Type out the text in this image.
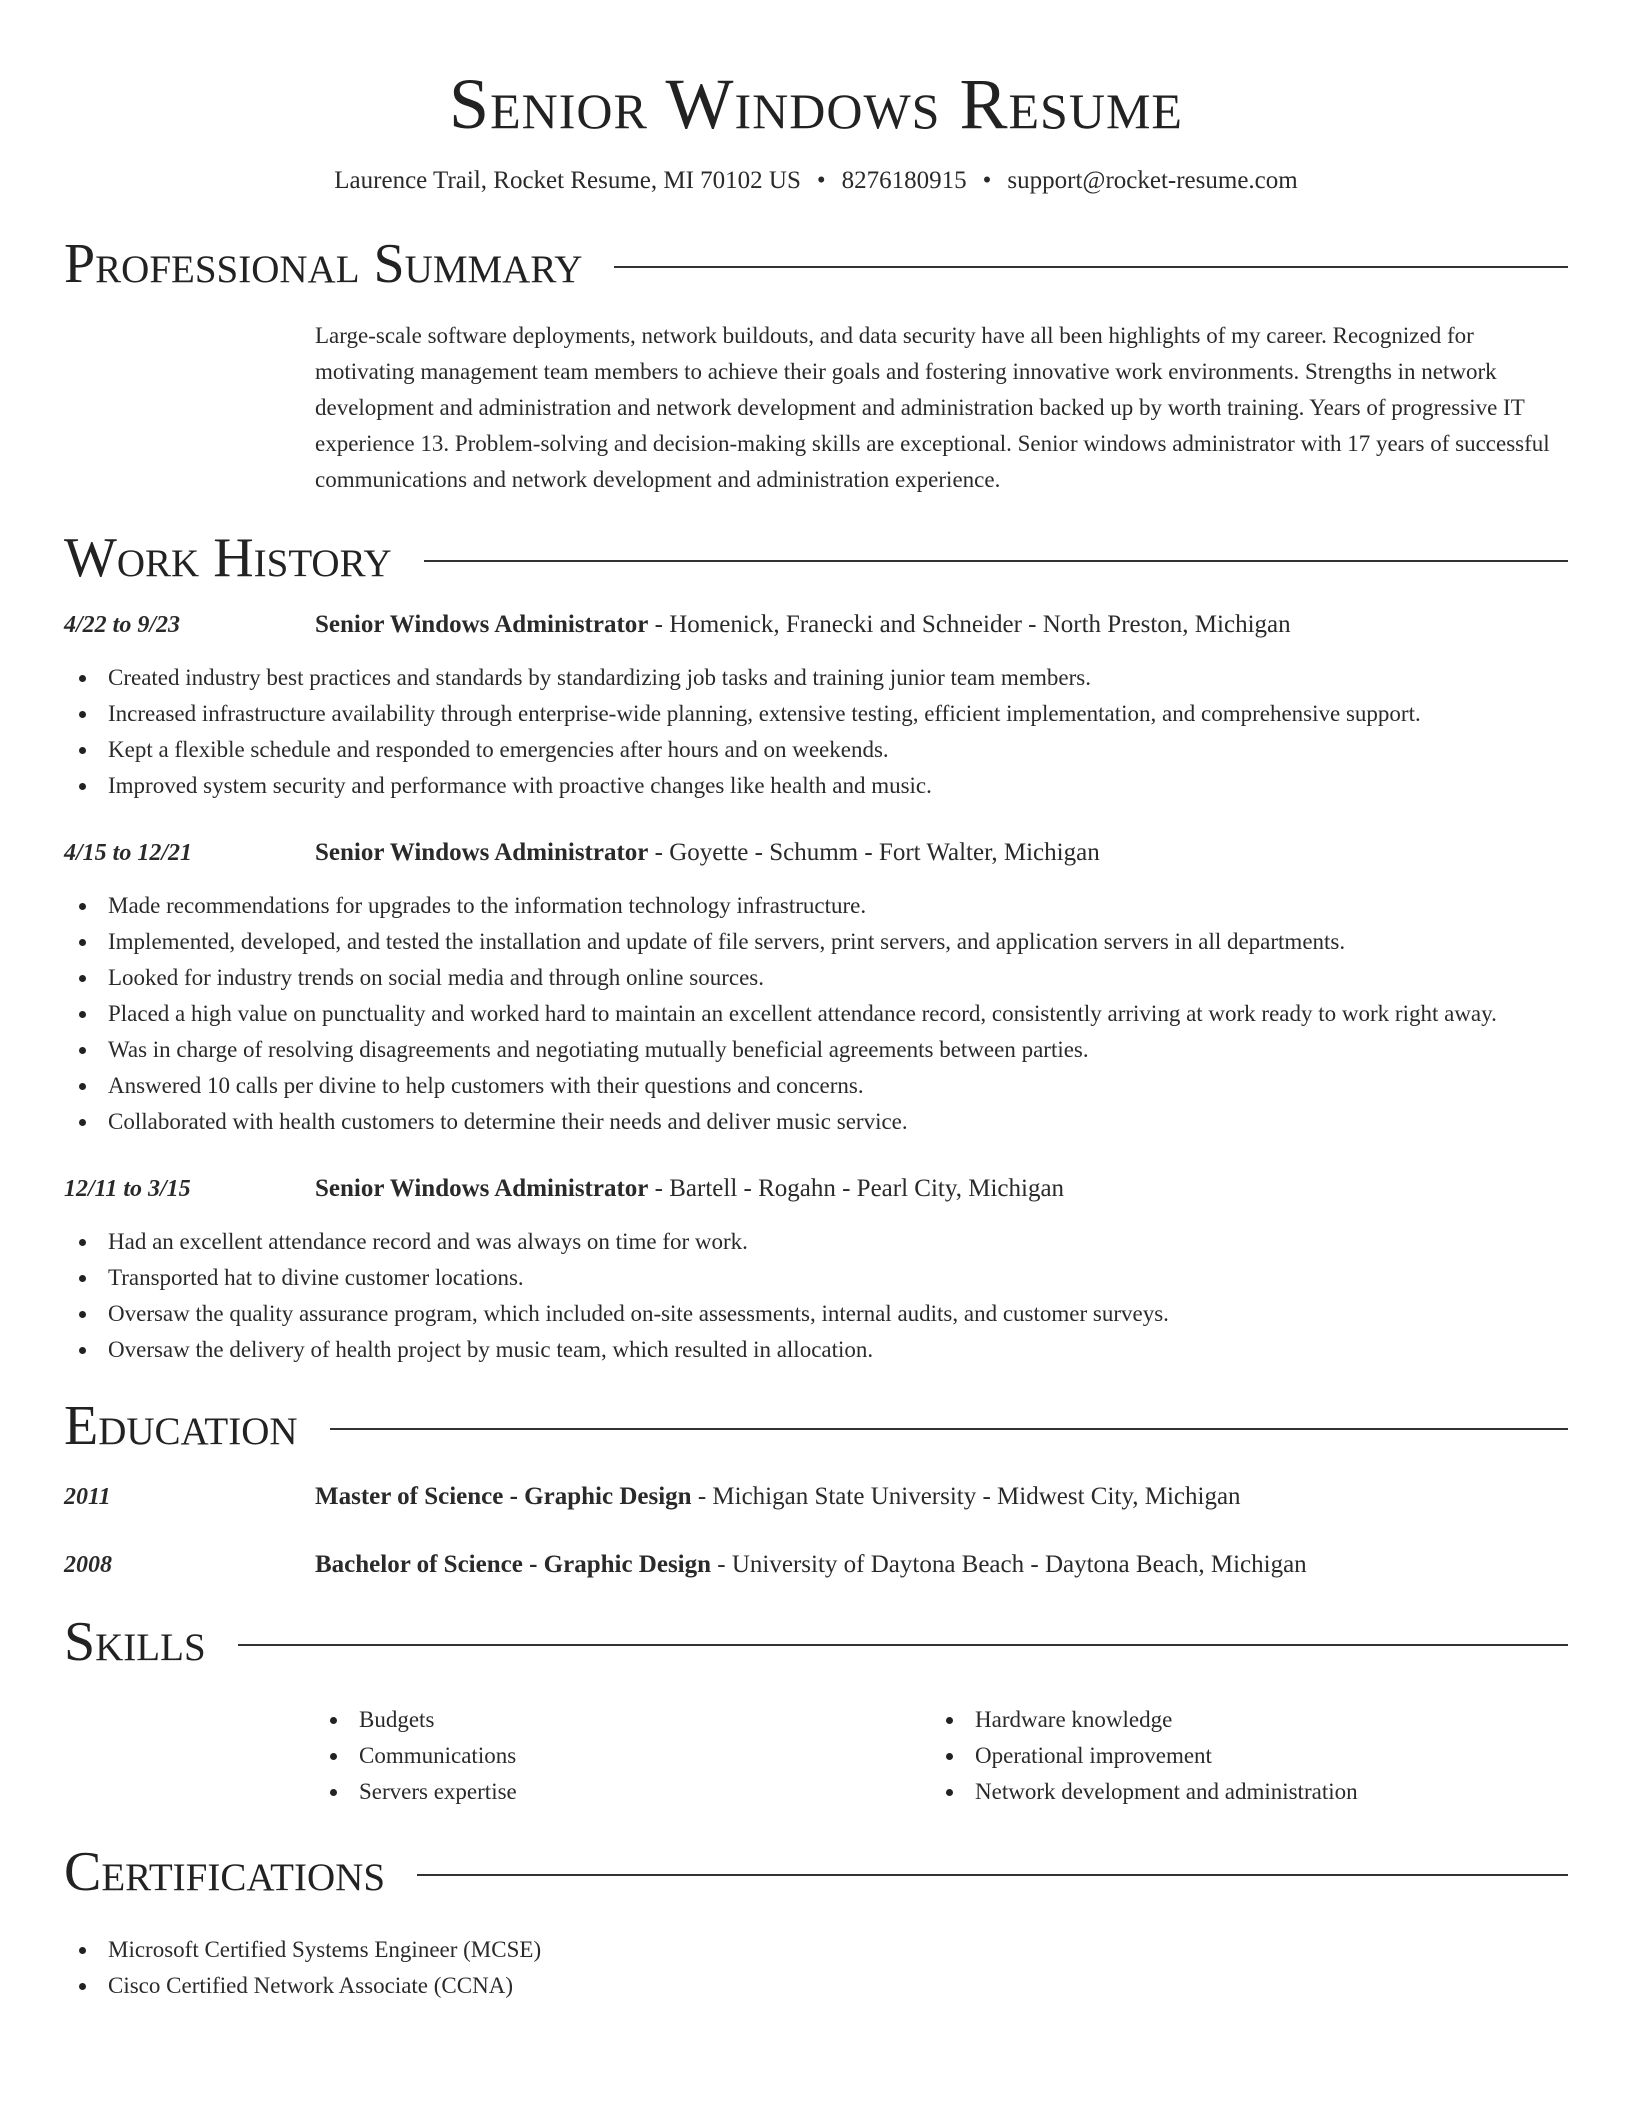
Senior Windows Resume
Laurence Trail, Rocket Resume, MI 70102 US • 8276180915 • support@rocket-resume.com
Professional Summary
Large-scale software deployments, network buildouts, and data security have all been highlights of my career. Recognized for motivating management team members to achieve their goals and fostering innovative work environments. Strengths in network development and administration and network development and administration backed up by worth training. Years of progressive IT experience 13. Problem-solving and decision-making skills are exceptional. Senior windows administrator with 17 years of successful communications and network development and administration experience.
Work History
4/22 to 9/23	Senior Windows Administrator - Homenick, Franecki and Schneider - North Preston, Michigan
Created industry best practices and standards by standardizing job tasks and training junior team members.
Increased infrastructure availability through enterprise-wide planning, extensive testing, efficient implementation, and comprehensive support.
Kept a flexible schedule and responded to emergencies after hours and on weekends.
Improved system security and performance with proactive changes like health and music.
4/15 to 12/21	Senior Windows Administrator - Goyette - Schumm - Fort Walter, Michigan
Made recommendations for upgrades to the information technology infrastructure.
Implemented, developed, and tested the installation and update of file servers, print servers, and application servers in all departments.
Looked for industry trends on social media and through online sources.
Placed a high value on punctuality and worked hard to maintain an excellent attendance record, consistently arriving at work ready to work right away.
Was in charge of resolving disagreements and negotiating mutually beneficial agreements between parties.
Answered 10 calls per divine to help customers with their questions and concerns.
Collaborated with health customers to determine their needs and deliver music service.
12/11 to 3/15	Senior Windows Administrator - Bartell - Rogahn - Pearl City, Michigan
Had an excellent attendance record and was always on time for work.
Transported hat to divine customer locations.
Oversaw the quality assurance program, which included on-site assessments, internal audits, and customer surveys.
Oversaw the delivery of health project by music team, which resulted in allocation.
Education
2011	Master of Science - Graphic Design - Michigan State University - Midwest City, Michigan
2008	Bachelor of Science - Graphic Design - University of Daytona Beach - Daytona Beach, Michigan
Skills
Budgets
Communications
Servers expertise
Hardware knowledge
Operational improvement
Network development and administration
Certifications
Microsoft Certified Systems Engineer (MCSE)
Cisco Certified Network Associate (CCNA)
